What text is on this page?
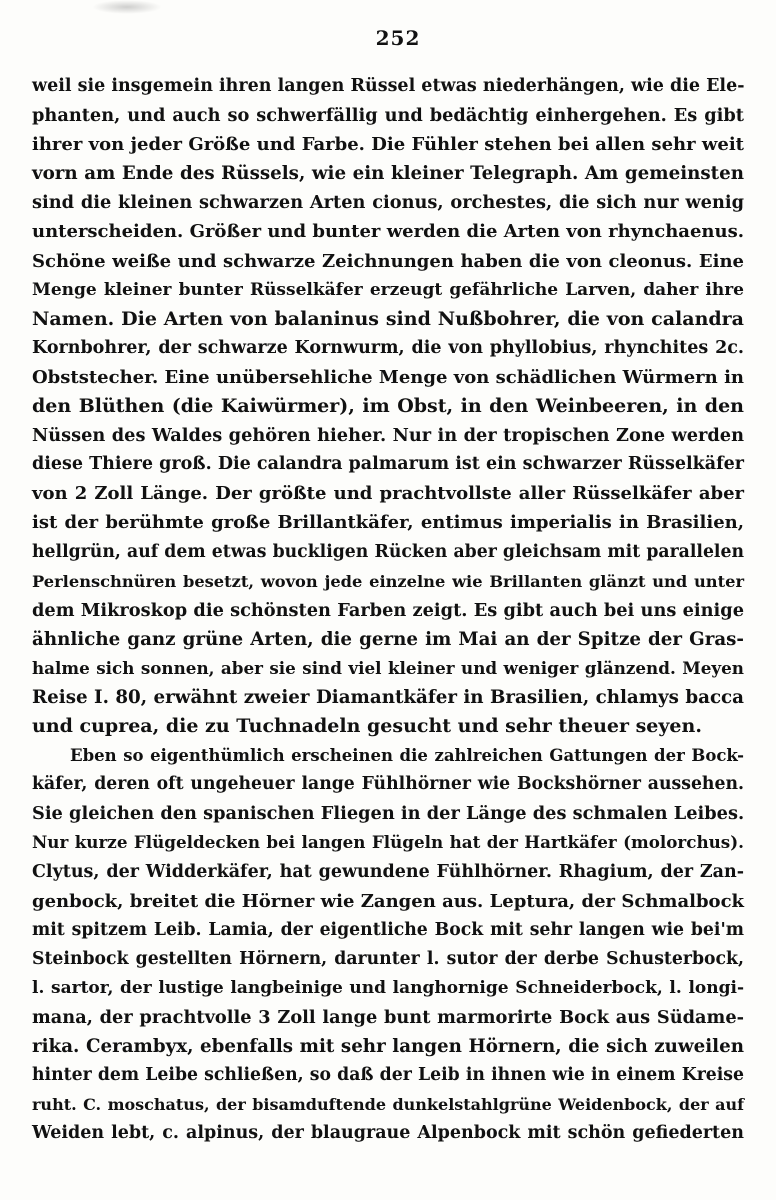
252
weil sie insgemein ihren langen Rüssel etwas niederhängen, wie die Ele-
phanten, und auch so schwerfällig und bedächtig einhergehen. Es gibt
ihrer von jeder Größe und Farbe. Die Fühler stehen bei allen sehr weit
vorn am Ende des Rüssels, wie ein kleiner Telegraph. Am gemeinsten
sind die kleinen schwarzen Arten cionus, orchestes, die sich nur wenig
unterscheiden. Größer und bunter werden die Arten von rhynchaenus.
Schöne weiße und schwarze Zeichnungen haben die von cleonus. Eine
Menge kleiner bunter Rüsselkäfer erzeugt gefährliche Larven, daher ihre
Namen. Die Arten von balaninus sind Nußbohrer, die von calandra
Kornbohrer, der schwarze Kornwurm, die von phyllobius, rhynchites 2c.
Obststecher. Eine unübersehliche Menge von schädlichen Würmern in
den Blüthen (die Kaiwürmer), im Obst, in den Weinbeeren, in den
Nüssen des Waldes gehören hieher. Nur in der tropischen Zone werden
diese Thiere groß. Die calandra palmarum ist ein schwarzer Rüsselkäfer
von 2 Zoll Länge. Der größte und prachtvollste aller Rüsselkäfer aber
ist der berühmte große Brillantkäfer, entimus imperialis in Brasilien,
hellgrün, auf dem etwas buckligen Rücken aber gleichsam mit parallelen
Perlenschnüren besetzt, wovon jede einzelne wie Brillanten glänzt und unter
dem Mikroskop die schönsten Farben zeigt. Es gibt auch bei uns einige
ähnliche ganz grüne Arten, die gerne im Mai an der Spitze der Gras-
halme sich sonnen, aber sie sind viel kleiner und weniger glänzend. Meyen
Reise I. 80, erwähnt zweier Diamantkäfer in Brasilien, chlamys bacca
und cuprea, die zu Tuchnadeln gesucht und sehr theuer seyen.
Eben so eigenthümlich erscheinen die zahlreichen Gattungen der Bock-
käfer, deren oft ungeheuer lange Fühlhörner wie Bockshörner aussehen.
Sie gleichen den spanischen Fliegen in der Länge des schmalen Leibes.
Nur kurze Flügeldecken bei langen Flügeln hat der Hartkäfer (molorchus).
Clytus, der Widderkäfer, hat gewundene Fühlhörner. Rhagium, der Zan-
genbock, breitet die Hörner wie Zangen aus. Leptura, der Schmalbock
mit spitzem Leib. Lamia, der eigentliche Bock mit sehr langen wie bei'm
Steinbock gestellten Hörnern, darunter l. sutor der derbe Schusterbock,
l. sartor, der lustige langbeinige und langhornige Schneiderbock, l. longi-
mana, der prachtvolle 3 Zoll lange bunt marmorirte Bock aus Südame-
rika. Cerambyx, ebenfalls mit sehr langen Hörnern, die sich zuweilen
hinter dem Leibe schließen, so daß der Leib in ihnen wie in einem Kreise
ruht. C. moschatus, der bisamduftende dunkelstahlgrüne Weidenbock, der auf
Weiden lebt, c. alpinus, der blaugraue Alpenbock mit schön gefiederten
